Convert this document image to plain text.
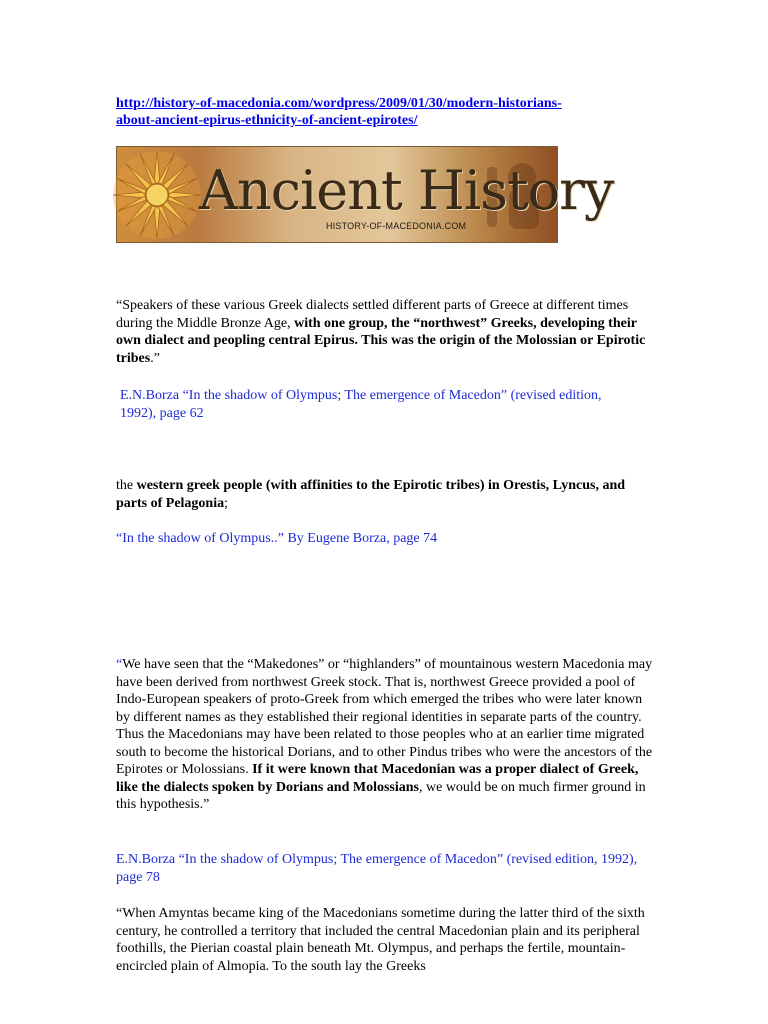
http://history-of-macedonia.com/wordpress/2009/01/30/modern-historians-
about-ancient-epirus-ethnicity-of-ancient-epirotes/
Ancient History
HISTORY-OF-MACEDONIA.COM

“Speakers of these various Greek dialects settled different parts of Greece at different times during the Middle Bronze Age, with one group, the “northwest” Greeks, developing their own dialect and peopling central Epirus. This was the origin of the Molossian or Epirotic tribes.”

E.N.Borza “In the shadow of Olympus; The emergence of Macedon” (revised edition, 1992), page 62

the western greek people (with affinities to the Epirotic tribes) in Orestis, Lyncus, and parts of Pelagonia;

“In the shadow of Olympus..” By Eugene Borza, page 74

“We have seen that the “Makedones” or “highlanders” of mountainous western Macedonia may have been derived from northwest Greek stock. That is, northwest Greece provided a pool of Indo-European speakers of proto-Greek from which emerged the tribes who were later known by different names as they established their regional identities in separate parts of the country. Thus the Macedonians may have been related to those peoples who at an earlier time migrated south to become the historical Dorians, and to other Pindus tribes who were the ancestors of the Epirotes or Molossians. If it were known that Macedonian was a proper dialect of Greek, like the dialects spoken by Dorians and Molossians, we would be on much firmer ground in this hypothesis.”

E.N.Borza “In the shadow of Olympus; The emergence of Macedon” (revised edition, 1992), page 78

“When Amyntas became king of the Macedonians sometime during the latter third of the sixth century, he controlled a territory that included the central Macedonian plain and its peripheral foothills, the Pierian coastal plain beneath Mt. Olympus, and perhaps the fertile, mountain-encircled plain of Almopia. To the south lay the Greeks
